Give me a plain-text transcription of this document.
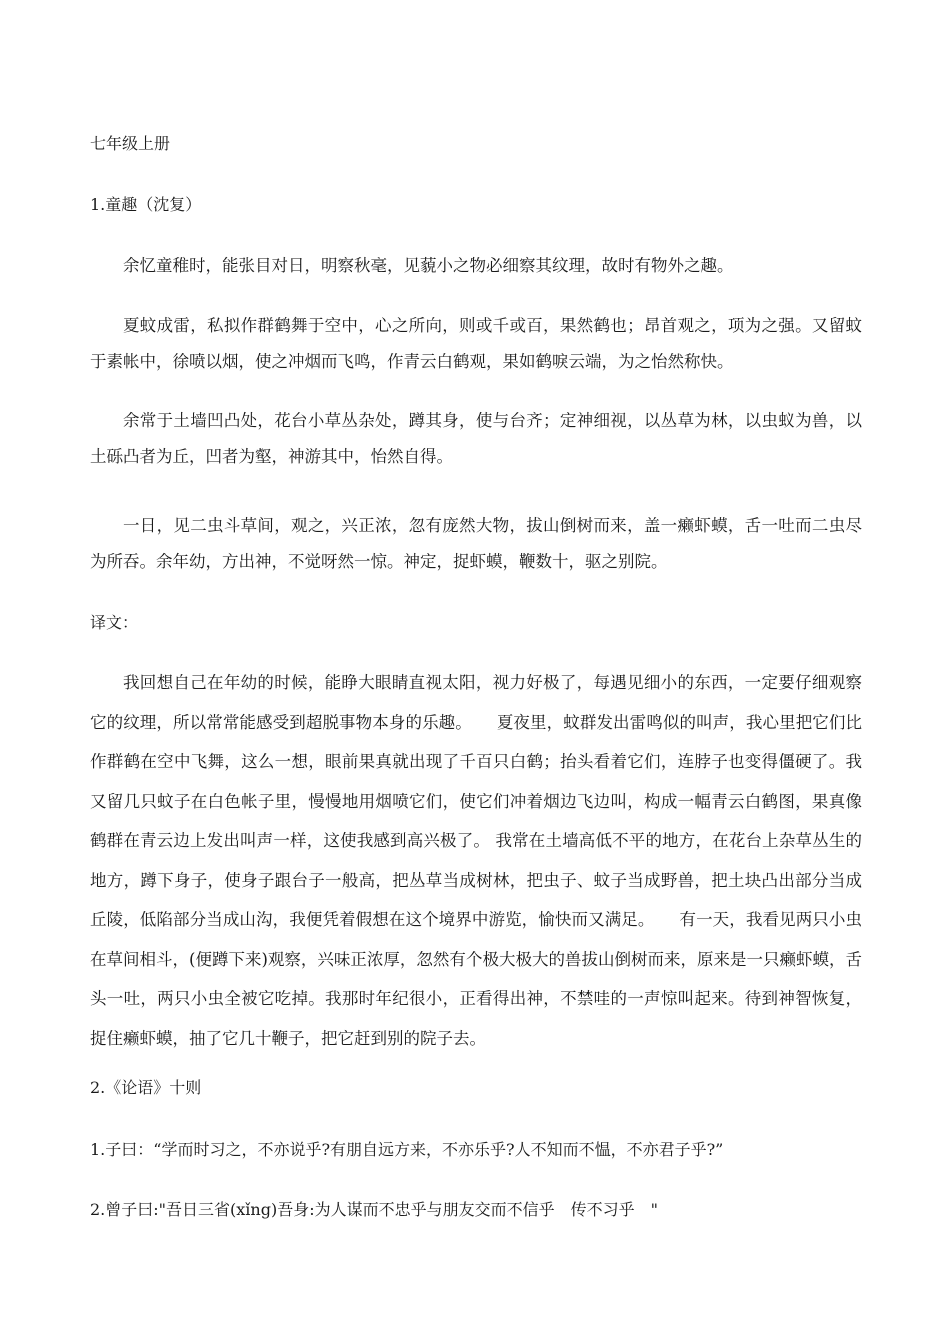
七年级上册
1.童趣（沈复）

余忆童稚时，能张目对日，明察秋毫，见藐小之物必细察其纹理，故时有物外之趣。

夏蚊成雷，私拟作群鹤舞于空中，心之所向，则或千或百，果然鹤也；昂首观之，项为之强。又留蚊于素帐中，徐喷以烟，使之冲烟而飞鸣，作青云白鹤观，果如鹤唳云端，为之怡然称快。

余常于土墙凹凸处，花台小草丛杂处，蹲其身，使与台齐；定神细视，以丛草为林，以虫蚁为兽，以土砾凸者为丘，凹者为壑，神游其中，怡然自得。

一日，见二虫斗草间，观之，兴正浓，忽有庞然大物，拔山倒树而来，盖一癞虾蟆，舌一吐而二虫尽为所吞。余年幼，方出神，不觉呀然一惊。神定，捉虾蟆，鞭数十，驱之别院。

译文：

我回想自己在年幼的时候，能睁大眼睛直视太阳，视力好极了，每遇见细小的东西，一定要仔细观察它的纹理，所以常常能感受到超脱事物本身的乐趣。　　夏夜里，蚊群发出雷鸣似的叫声，我心里把它们比作群鹤在空中飞舞，这么一想，眼前果真就出现了千百只白鹤；抬头看着它们，连脖子也变得僵硬了。我又留几只蚊子在白色帐子里，慢慢地用烟喷它们，使它们冲着烟边飞边叫，构成一幅青云白鹤图，果真像鹤群在青云边上发出叫声一样，这使我感到高兴极了。 我常在土墙高低不平的地方，在花台上杂草丛生的地方，蹲下身子，使身子跟台子一般高，把丛草当成树林，把虫子、蚊子当成野兽，把土块凸出部分当成丘陵，低陷部分当成山沟，我便凭着假想在这个境界中游览，愉快而又满足。　　有一天，我看见两只小虫在草间相斗，(便蹲下来)观察，兴味正浓厚，忽然有个极大极大的兽拔山倒树而来，原来是一只癞虾蟆，舌头一吐，两只小虫全被它吃掉。我那时年纪很小，正看得出神，不禁哇的一声惊叫起来。待到神智恢复，捉住癞虾蟆，抽了它几十鞭子，把它赶到别的院子去。

2.《论语》十则
1.子曰：“学而时习之，不亦说乎?有朋自远方来，不亦乐乎?人不知而不愠，不亦君子乎?”
2.曾子曰:"吾日三省(xǐng)吾身:为人谋而不忠乎与朋友交而不信乎　传不习乎　"
